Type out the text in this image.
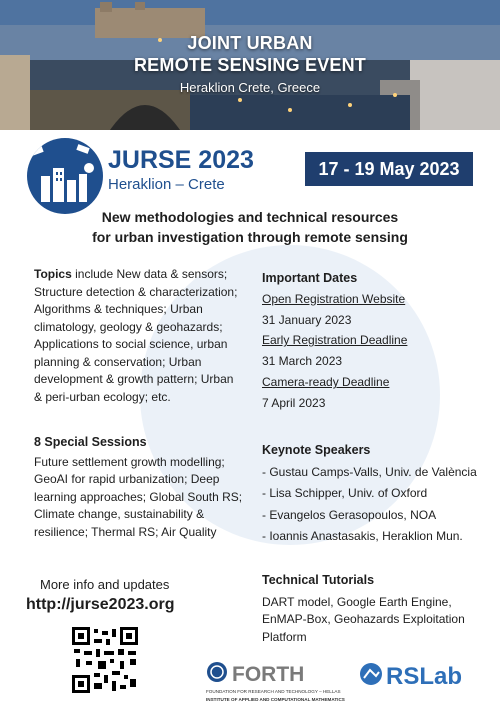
JOINT URBAN
REMOTE SENSING EVENT
Heraklion Crete, Greece
JURSE 2023
Heraklion – Crete
17 - 19 May 2023
New methodologies and technical resources
for urban investigation through remote sensing
Topics include New data & sensors;
Structure detection & characterization;
Algorithms & techniques; Urban
climatology, geology & geohazards;
Applications to social science, urban
planning & conservation; Urban
development & growth pattern; Urban
& peri-urban ecology; etc.
8 Special Sessions
Future settlement growth modelling;
GeoAI for rapid urbanization; Deep
learning approaches; Global South RS;
Climate change, sustainability &
resilience; Thermal RS; Air Quality
Important Dates
Open Registration Website
31 January 2023
Early Registration Deadline
31 March 2023
Camera-ready Deadline
7 April 2023
Keynote Speakers
- Gustau Camps-Valls, Univ. de València
- Lisa Schipper, Univ. of Oxford
- Evangelos Gerasopoulos, NOA
- Ioannis Anastasakis, Heraklion Mun.
Technical Tutorials
DART model, Google Earth Engine,
EnMAP-Box, Geohazards Exploitation
Platform
More info and updates
http://jurse2023.org
FORTH
FOUNDATION FOR RESEARCH AND TECHNOLOGY – HELLAS
INSTITUTE OF APPLIED AND COMPUTATIONAL MATHEMATICS
RSLab
